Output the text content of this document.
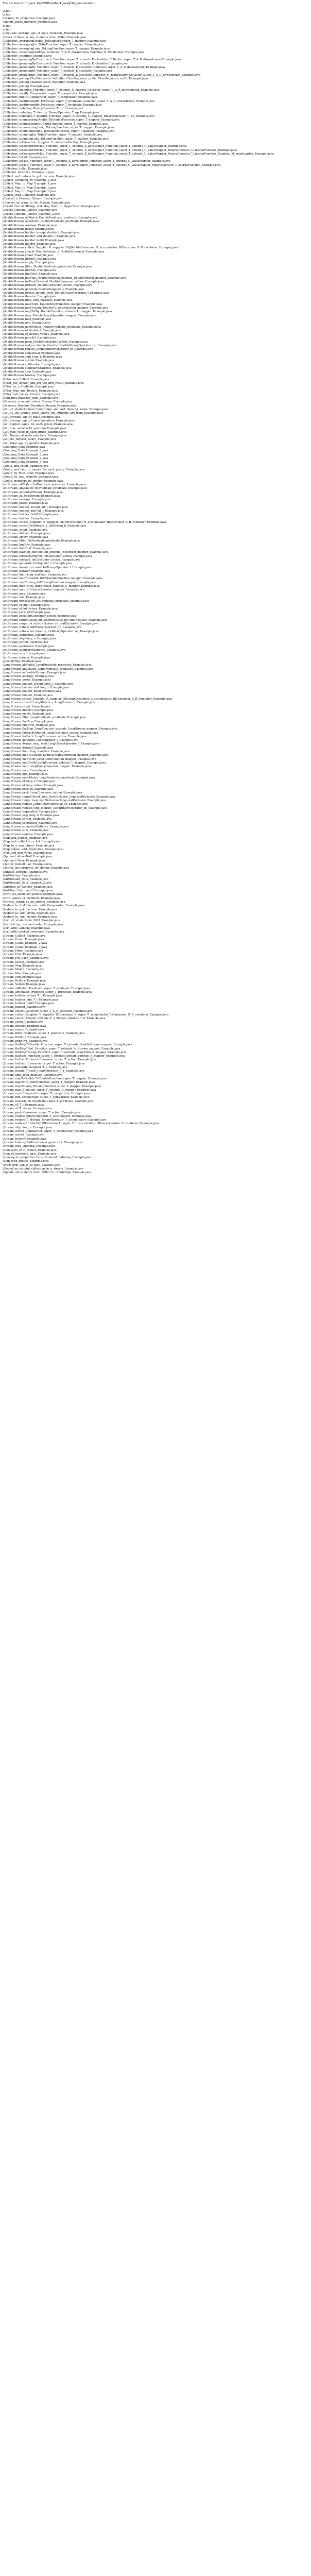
The file tree for E:\Java_Dev\WRFeedback\java\JDK\generated\src
\a.bat
\a.log
\Change_To_properties_Example.java
\change_mode_numbers_Example.java
\b.bat
\a.bat
\Calculate_average_age_of_male_members_Example.java
\Check_if_there_is_any_students_from_Miller_Example.java
\Collectors_averagingDouble_ToDoubleFunction_T_mapper_Example.java
\Collectors_averagingInt_ToIntFunction_super_T_mapper_Example.java
\Collectors_averagingLong_ToLongFunction_super_T_mapper_Example.java
\Collectors_collectingAndThen_Collector_T_A_R_downstream_Function_R_RR_finisher_Example.java
\Collectors_counting_Example.java
\Collectors_groupingByConcurrent_Function_super_T_extends_K_classifier_Collector_super_T_A_D_downstream_Example.java
\Collectors_groupingByConcurrent_Function_super_T_extends_K_classifier_Example.java
\Collectors_groupingBy_Function_super_T_extends_K_classifier_Collector_super_T_A_D_downstream_Example.java
\Collectors_groupingBy_Function_super_T_extends_K_classifier_Example.java
\Collectors_groupingBy_Function_super_T_extends_K_classifier_Supplier_M_mapFactory_Collector_super_T_A_D_downstream_Example.java
\Collectors_joining_CharSequence_delimiter_CharSequence_prefix_CharSequence_suffix_Example.java
\Collectors_joining_CharSequence_delimiter_Example.java
\Collectors_joining_Example.java
\Collectors_mapping_Function_super_T_extends_U_mapper_Collector_super_U_A_R_downstream_Example.java
\Collectors_maxBy_Comparator_super_T_comparator_Example.java
\Collectors_minBy_Comparator_super_T_comparator_Example.java
\Collectors_partitioningBy_Predicate_super_T_predicate_Collector_super_T_A_D_downstream_Example.java
\Collectors_partitioningBy_Predicate_super_T_predicate_Example.java
\Collectors_reducing_BinaryOperator_T_op_Example.java
\Collectors_reducing_T_identity_BinaryOperator_T_op_Example.java
\Collectors_reducing_U_identity_Function_super_T_extends_U_mapper_BinaryOperator_U_op_Example.java
\Collectors_summarizingDouble_ToDoubleFunction_super_T_mapper_Example.java
\Collectors_summarizingInt_ToIntFunction_super_T_mapper_Example.java
\Collectors_summarizingLong_ToLongFunction_super_T_mapper_Example.java
\Collectors_summingDouble_ToDoubleFunction_super_T_mapper_Example.java
\Collectors_summingInt_ToIntFunction_super_T_mapper_Example.java
\Collectors_summingLong_ToLongFunction_super_T_mapper_Example.java
\Collectors_toCollection_Supplier_C_collectionFactory_Example.java
\Collectors_toConcurrentMap_Function_super_T_extends_K_keyMapper_Function_super_T_extends_U_valueMapper_Example.java
\Collectors_toConcurrentMap_Function_super_T_extends_K_keyMapper_Function_super_T_extends_U_valueMapper_BinaryOperator_U_mergeFunction_Example.java
\Collectors_toConcurrentMap_Function_super_T_extends_K_keyMapper_Function_super_T_extends_U_valueMapper_BinaryOperator_U_mergeFunction_Supplier_M_mapSupplier_Example.java
\Collectors_toList_Example.java
\Collectors_toMap_Function_super_T_extends_K_keyMapper_Function_super_T_extends_U_valueMapper_Example.java
\Collectors_toMap_Function_super_T_extends_K_keyMapper_Function_super_T_extends_U_valueMapper_BinaryOperator_U_mergeFunction_Example.java
\Collectors_toSet_Example.java
\Collector_interface_Example_1.java
\Collect_and_reduce_to_get_the_sum_Example.java
\Collect_Grouping_By_Example_1.java
\Collect_Map_to_Map_Example_1.java
\Collect_Map_to_Map_Example_2.java
\Collect_Map_to_Map_Example_3.java
\Collect_with_Collector_Example.java
\Convert_a_Boolean_Stream_Example.java
\Convert_an_array_to_list_Stream_Example.java
\Create_List_of_Strings_and_Map_them_to_UpperCase_Example.java
\Create_Optional_Object_Example.java
\Create_Optional_Object_Example_2.java
\DoubleStream_allMatch_DoublePredicate_predicate_Example.java
\DoubleStream_anyMatch_DoublePredicate_predicate_Example.java
\DoubleStream_average_Example.java
\DoubleStream_boxed_Example.java
\DoubleStream_builder_accept_double_t_Example.java
\DoubleStream_builder_add_double_t_Example.java
\DoubleStream_builder_build_Example.java
\DoubleStream_builder_Example.java
\DoubleStream_collect_Supplier_R_supplier_ObjDoubleConsumer_R_accumulator_BiConsumer_R_R_combiner_Example.java
\DoubleStream_concat_DoubleStream_a_DoubleStream_b_Example.java
\DoubleStream_count_Example.java
\DoubleStream_distinct_Example.java
\DoubleStream_empty_Example.java
\DoubleStream_filter_DoublePredicate_predicate_Example.java
\DoubleStream_findAny_Example.java
\DoubleStream_findFirst_Example.java
\DoubleStream_flatMap_DoubleFunction_extends_DoubleStream_mapper_Example.java
\DoubleStream_forEachOrdered_DoubleConsumer_action_Example.java
\DoubleStream_forEach_DoubleConsumer_action_Example.java
\DoubleStream_generate_DoubleSupplier_s_Example.java
\DoubleStream_iterate_double_seed_DoubleUnaryOperator_f_Example.java
\DoubleStream_iterator_Example.java
\DoubleStream_limit_long_maxSize_Example.java
\DoubleStream_mapToInt_DoubleToIntFunction_mapper_Example.java
\DoubleStream_mapToLong_DoubleToLongFunction_mapper_Example.java
\DoubleStream_mapToObj_DoubleFunction_extends_U_mapper_Example.java
\DoubleStream_map_DoubleUnaryOperator_mapper_Example.java
\DoubleStream_max_Example.java
\DoubleStream_min_Example.java
\DoubleStream_noneMatch_DoublePredicate_predicate_Example.java
\DoubleStream_of_double_t_Example.java
\DoubleStream_of_double_values_Example.java
\DoubleStream_parallel_Example.java
\DoubleStream_peek_DoubleConsumer_action_Example.java
\DoubleStream_reduce_double_identity_DoubleBinaryOperator_op_Example.java
\DoubleStream_reduce_DoubleBinaryOperator_op_Example.java
\DoubleStream_sequential_Example.java
\DoubleStream_skip_long_n_Example.java
\DoubleStream_sorted_Example.java
\DoubleStream_spliterator_Example.java
\DoubleStream_summaryStatistics_Example.java
\DoubleStream_sum_Example.java
\DoubleStream_toArray_Example.java
\Filter_and_Collect_Example.java
\Filter_the_stream_and_get_the_first_result_Example.java
\Filter_by_a_Predicate_Example.java
\Filter_Map_and_Reduce_Example.java
\Filter_null_values_Stream_Example.java
\Find_first_matched_item_Example.java
\Generate_constant_values_Stream_Example.java
\Generate_Random_Numbers_Stream_Example.java
\Get_all_students_from_Cambridge_and_sort_them_by_name_Example.java
\Get_all_the_unique_cities_where_the_students_are_from_Example.java
\Get_average_age_of_male_Example.java
\Get_average_age_of_male_members_Example.java
\Get_highest_value_for_each_group_Example.java
\Get_max_value_with_partition_Example.java
\Get_max_value_in_each_group_Example.java
\Get_Names_of_male_members_Example.java
\Get_the_highest_salary_Example.java
\Get_Total_age_by_gender_Example.java
\Grouping_Data_Example.java
\Grouping_Data_Example_2.java
\Grouping_Data_Example_3.java
\Grouping_Data_Example_4.java
\Grouping_Data_Example_5.java
\Group_and_count_Example.java
\Group_and_map_to_names_for_each_group_Example.java
\Group_By_First_Char_Example.java
\Group_By_size_property_Example.java
\Group_members_by_gender_Example.java
\IntStream_allMatch_IntPredicate_predicate_Example.java
\IntStream_anyMatch_IntPredicate_predicate_Example.java
\IntStream_asDoubleStream_Example.java
\IntStream_asLongStream_Example.java
\IntStream_average_Example.java
\IntStream_boxed_Example.java
\IntStream_builder_accept_int_t_Example.java
\IntStream_builder_add_int_t_Example.java
\IntStream_builder_build_Example.java
\IntStream_builder_Example.java
\IntStream_collect_Supplier_R_supplier_ObjIntConsumer_R_accumulator_BiConsumer_R_R_combiner_Example.java
\IntStream_concat_IntStream_a_IntStream_b_Example.java
\IntStream_count_Example.java
\IntStream_distinct_Example.java
\IntStream_empty_Example.java
\IntStream_filter_IntPredicate_predicate_Example.java
\IntStream_findAny_Example.java
\IntStream_findFirst_Example.java
\IntStream_flatMap_IntFunction_extends_IntStream_mapper_Example.java
\IntStream_forEachOrdered_IntConsumer_action_Example.java
\IntStream_forEach_IntConsumer_action_Example.java
\IntStream_generate_IntSupplier_s_Example.java
\IntStream_iterate_int_seed_IntUnaryOperator_f_Example.java
\IntStream_iterator_Example.java
\IntStream_limit_long_maxSize_Example.java
\IntStream_mapToDouble_IntToDoubleFunction_mapper_Example.java
\IntStream_mapToLong_IntToLongFunction_mapper_Example.java
\IntStream_mapToObj_IntFunction_extends_U_mapper_Example.java
\IntStream_map_IntUnaryOperator_mapper_Example.java
\IntStream_max_Example.java
\IntStream_min_Example.java
\IntStream_noneMatch_IntPredicate_predicate_Example.java
\IntStream_of_int_t_Example.java
\IntStream_of_int_values_Example.java
\IntStream_parallel_Example.java
\IntStream_peek_IntConsumer_action_Example.java
\IntStream_rangeClosed_int_startInclusive_int_endInclusive_Example.java
\IntStream_range_int_startInclusive_int_endExclusive_Example.java
\IntStream_reduce_IntBinaryOperator_op_Example.java
\IntStream_reduce_int_identity_IntBinaryOperator_op_Example.java
\IntStream_sequential_Example.java
\IntStream_skip_long_n_Example.java
\IntStream_sorted_Example.java
\IntStream_spliterator_Example.java
\IntStream_summaryStatistics_Example.java
\IntStream_sum_Example.java
\IntStream_toArray_Example.java
\Join_Strings_Example.java
\LongStream_allMatch_LongPredicate_predicate_Example.java
\LongStream_anyMatch_LongPredicate_predicate_Example.java
\LongStream_asDoubleStream_Example.java
\LongStream_average_Example.java
\LongStream_boxed_Example.java
\LongStream_builder_accept_long_t_Example.java
\LongStream_builder_add_long_t_Example.java
\LongStream_builder_build_Example.java
\LongStream_builder_Example.java
\LongStream_collect_Supplier_R_supplier_ObjLongConsumer_R_accumulator_BiConsumer_R_R_combiner_Example.java
\LongStream_concat_LongStream_a_LongStream_b_Example.java
\LongStream_count_Example.java
\LongStream_distinct_Example.java
\LongStream_empty_Example.java
\LongStream_filter_LongPredicate_predicate_Example.java
\LongStream_findAny_Example.java
\LongStream_findFirst_Example.java
\LongStream_flatMap_LongFunction_extends_LongStream_mapper_Example.java
\LongStream_forEachOrdered_LongConsumer_action_Example.java
\LongStream_forEach_LongConsumer_action_Example.java
\LongStream_generate_LongSupplier_s_Example.java
\LongStream_iterate_long_seed_LongUnaryOperator_f_Example.java
\LongStream_iterator_Example.java
\LongStream_limit_long_maxSize_Example.java
\LongStream_mapToDouble_LongToDoubleFunction_mapper_Example.java
\LongStream_mapToInt_LongToIntFunction_mapper_Example.java
\LongStream_mapToObj_LongFunction_extends_U_mapper_Example.java
\LongStream_map_LongUnaryOperator_mapper_Example.java
\LongStream_max_Example.java
\LongStream_min_Example.java
\LongStream_noneMatch_LongPredicate_predicate_Example.java
\LongStream_of_long_t_Example.java
\LongStream_of_long_values_Example.java
\LongStream_parallel_Example.java
\LongStream_peek_LongConsumer_action_Example.java
\LongStream_rangeClosed_long_startInclusive_long_endInclusive_Example.java
\LongStream_range_long_startInclusive_long_endExclusive_Example.java
\LongStream_reduce_LongBinaryOperator_op_Example.java
\LongStream_reduce_long_identity_LongBinaryOperator_op_Example.java
\LongStream_sequential_Example.java
\LongStream_skip_long_n_Example.java
\LongStream_sorted_Example.java
\LongStream_spliterator_Example.java
\LongStream_summaryStatistics_Example.java
\LongStream_sum_Example.java
\LongStream_toArray_Example.java
\Map_and_collect_Example.java
\Map_and_collect_to_a_list_Example.java
\Map_to_a_new_object_Example.java
\Map_values_with_Collectors_Example.java
\Max_and_min_value_Example.java
\Optional_allowsNull_Example.java
\Optional_Value_Example.java
\Output_Default_Loc_Example.java
\Output_one_property_for_debug_Example.java
\Parallel_Streams_Example.java
\Partitioning_Example.java
\Partitioning_Data_Example.java
\Partitioning_Data_Example_2.java
\Partition_by_Gender_Example.java
\Partition_then_count_Example.java
\Print_full_name_for_people_Example.java
\Print_names_of_members_Example.java
\Process_String_as_an_stream_Example.java
\Reduce_to_find_the_sum_with_Comparator_Example.java
\Reduce_to_get_the_sum_Example.java
\Reduce_to_sum_string_Example.java
\Reduce_to_sum_strings_Example.java
\Sort_all_students_in_2011_Example.java
\Sort_list_by_reversed_order_Example.java
\Sort_with_Lambda_Example.java
\Sort_with_method_reference_Example.java
\Stream_Collect_Example.java
\Stream_Count_Example.java
\Stream_Count_Example_2.java
\Stream_Count_Example_3.java
\Stream_Filter_Example.java
\Stream_Find_Example.java
\Stream_For_Each_Example.java
\Stream_Group_Example.java
\Stream_Map_Example.java
\Stream_Match_Example.java
\Stream_Max_Example.java
\Stream_Min_Example.java
\Stream_Reduce_Example.java
\Stream_Sorted_Example.java
\Stream_allMatch_Predicate_super_T_predicate_Example.java
\Stream_anyMatch_Predicate_super_T_predicate_Example.java
\Stream_builder_accept_T_t_Example.java
\Stream_builder_add_T_t_Example.java
\Stream_builder_build_Example.java
\Stream_builder_Example.java
\Stream_collect_Collector_super_T_A_R_collector_Example.java
\Stream_collect_Supplier_R_supplier_BiConsumer_R_super_T_accumulator_BiConsumer_R_R_combiner_Example.java
\Stream_concat_Stream_extends_T_a_Stream_extends_T_b_Example.java
\Stream_count_Example.java
\Stream_distinct_Example.java
\Stream_empty_Example.java
\Stream_filter_Predicate_super_T_predicate_Example.java
\Stream_findAny_Example.java
\Stream_findFirst_Example.java
\Stream_flatMapToDouble_Function_super_T_extends_DoubleStream_mapper_Example.java
\Stream_flatMapToInt_Function_super_T_extends_IntStream_mapper_Example.java
\Stream_flatMapToLong_Function_super_T_extends_LongStream_mapper_Example.java
\Stream_flatMap_Function_super_T_extends_Stream_extends_R_mapper_Example.java
\Stream_forEachOrdered_Consumer_super_T_action_Example.java
\Stream_forEach_Consumer_super_T_action_Example.java
\Stream_generate_Supplier_T_s_Example.java
\Stream_iterate_T_seed_UnaryOperator_T_f_Example.java
\Stream_limit_long_maxSize_Example.java
\Stream_mapToDouble_ToDoubleFunction_super_T_mapper_Example.java
\Stream_mapToInt_ToIntFunction_super_T_mapper_Example.java
\Stream_mapToLong_ToLongFunction_super_T_mapper_Example.java
\Stream_map_Function_super_T_extends_R_mapper_Example.java
\Stream_max_Comparator_super_T_comparator_Example.java
\Stream_min_Comparator_super_T_comparator_Example.java
\Stream_noneMatch_Predicate_super_T_predicate_Example.java
\Stream_of_T_t_Example.java
\Stream_of_T_values_Example.java
\Stream_peek_Consumer_super_T_action_Example.java
\Stream_reduce_BinaryOperator_T_accumulator_Example.java
\Stream_reduce_T_identity_BinaryOperator_T_accumulator_Example.java
\Stream_reduce_U_identity_BiFunction_U_super_T_U_accumulator_BinaryOperator_U_combiner_Example.java
\Stream_skip_long_n_Example.java
\Stream_sorted_Comparator_super_T_comparator_Example.java
\Stream_sorted_Example.java
\Stream_toArray_Example.java
\Stream_toArray_IntFunction_A_generator_Example.java
\Stream_with_Optional_Example.java
\Sum_ages_with_reduce_Example.java
\Sum_of_members_ages_Example.java
\Sum_up_to_properties_by_customized_reducing_Example.java
\Sum_with_reduce_Example.java
\Transform_values_to_map_Example.java
\Use_of_an_stateful_collection_in_a_stream_Example.java
\Update_all_students_from_Miller_to_Cambridge_Example.java
